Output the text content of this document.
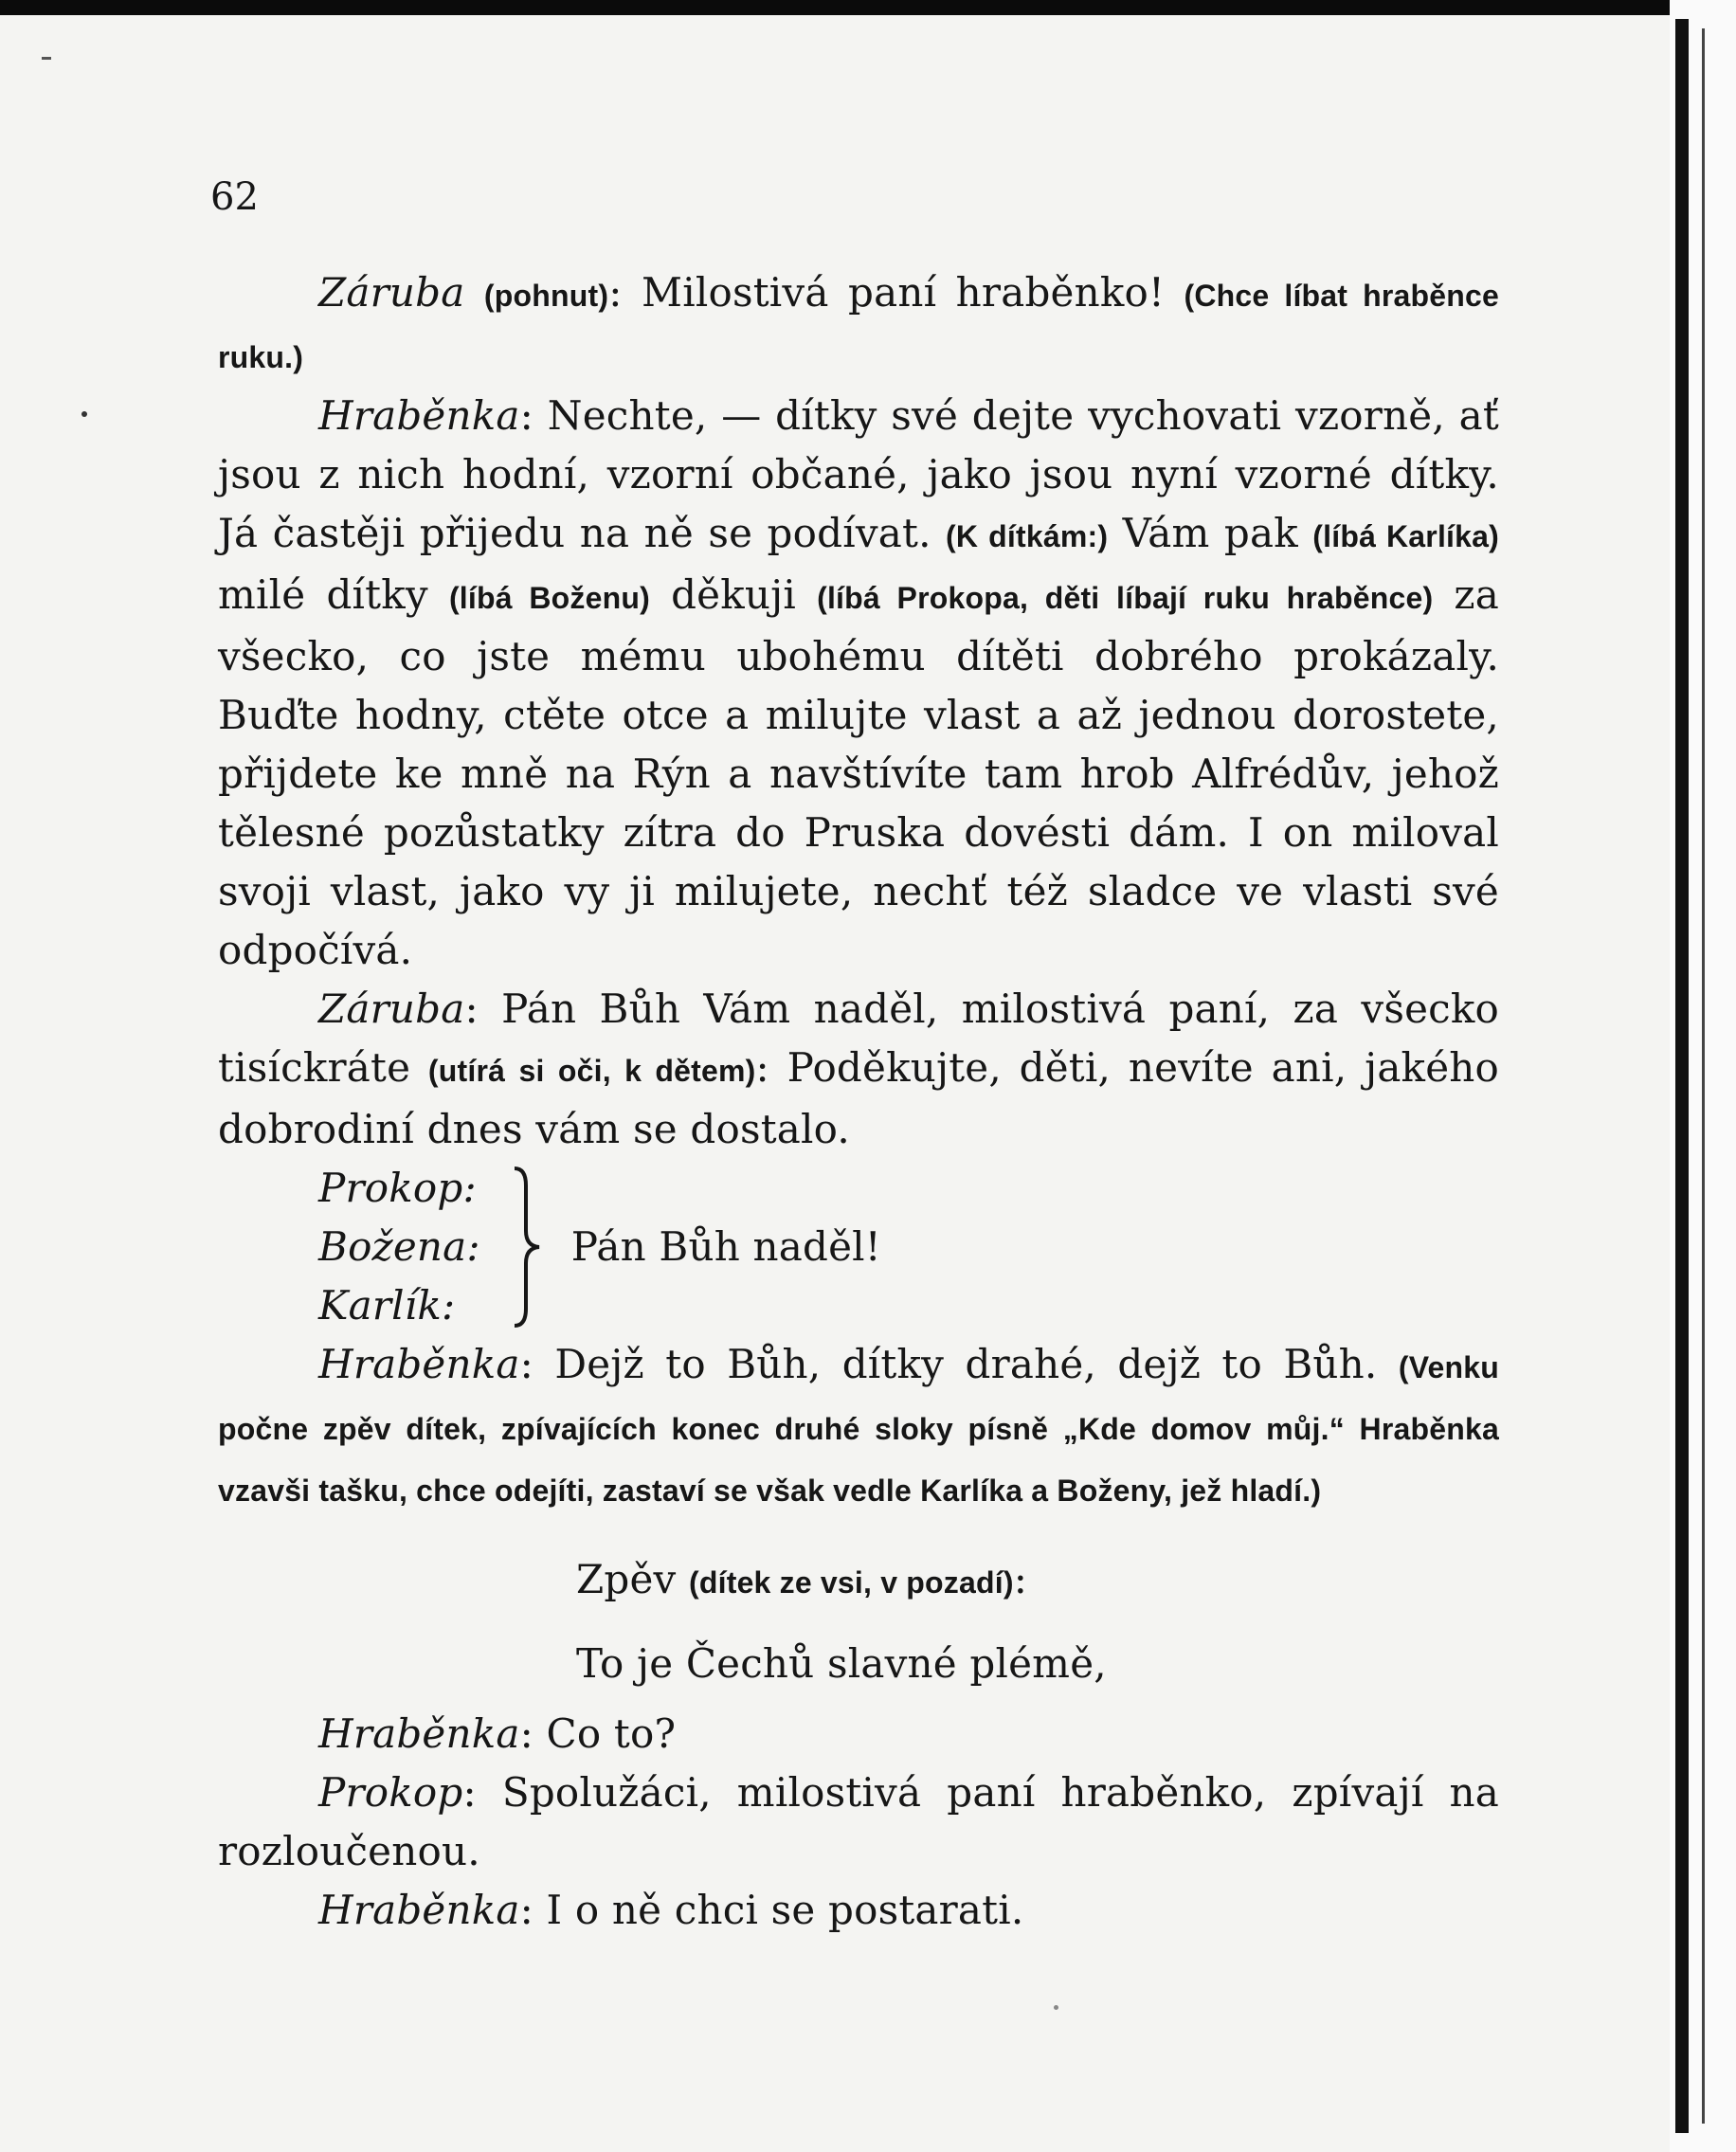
62

Záruba (pohnut): Milostivá paní hraběnko! (Chce líbat hraběnce ruku.)

Hraběnka: Nechte, — dítky své dejte vychovati vzorně, ať jsou z nich hodní, vzorní občané, jako jsou nyní vzorné dítky. Já častěji přijedu na ně se podívat. (K dítkám:) Vám pak (líbá Karlíka) milé dítky (líbá Boženu) děkuji (líbá Prokopa, děti líbají ruku hraběnce) za všecko, co jste mému ubohému dítěti dobrého prokázaly. Buďte hodny, ctěte otce a milujte vlast a až jednou dorostete, přijdete ke mně na Rýn a navštívíte tam hrob Alfrédův, jehož tělesné pozůstatky zítra do Pruska dovésti dám. I on miloval svoji vlast, jako vy ji milujete, nechť též sladce ve vlasti své odpočívá.

Záruba: Pán Bůh Vám naděl, milostivá paní, za všecko tisíckráte (utírá si oči, k dětem): Poděkujte, děti, nevíte ani, jakého dobrodiní dnes vám se dostalo.

Prokop:
Božena:
Karlík:
Pán Bůh naděl!

Hraběnka: Dejž to Bůh, dítky drahé, dejž to Bůh. (Venku počne zpěv dítek, zpívajících konec druhé sloky písně „Kde domov můj.“ Hraběnka vzavši tašku, chce odejíti, zastaví se však vedle Karlíka a Boženy, jež hladí.)

Zpěv (dítek ze vsi, v pozadí):

To je Čechů slavné plémě,

Hraběnka: Co to?

Prokop: Spolužáci, milostivá paní hraběnko, zpívají na rozloučenou.

Hraběnka: I o ně chci se postarati.
